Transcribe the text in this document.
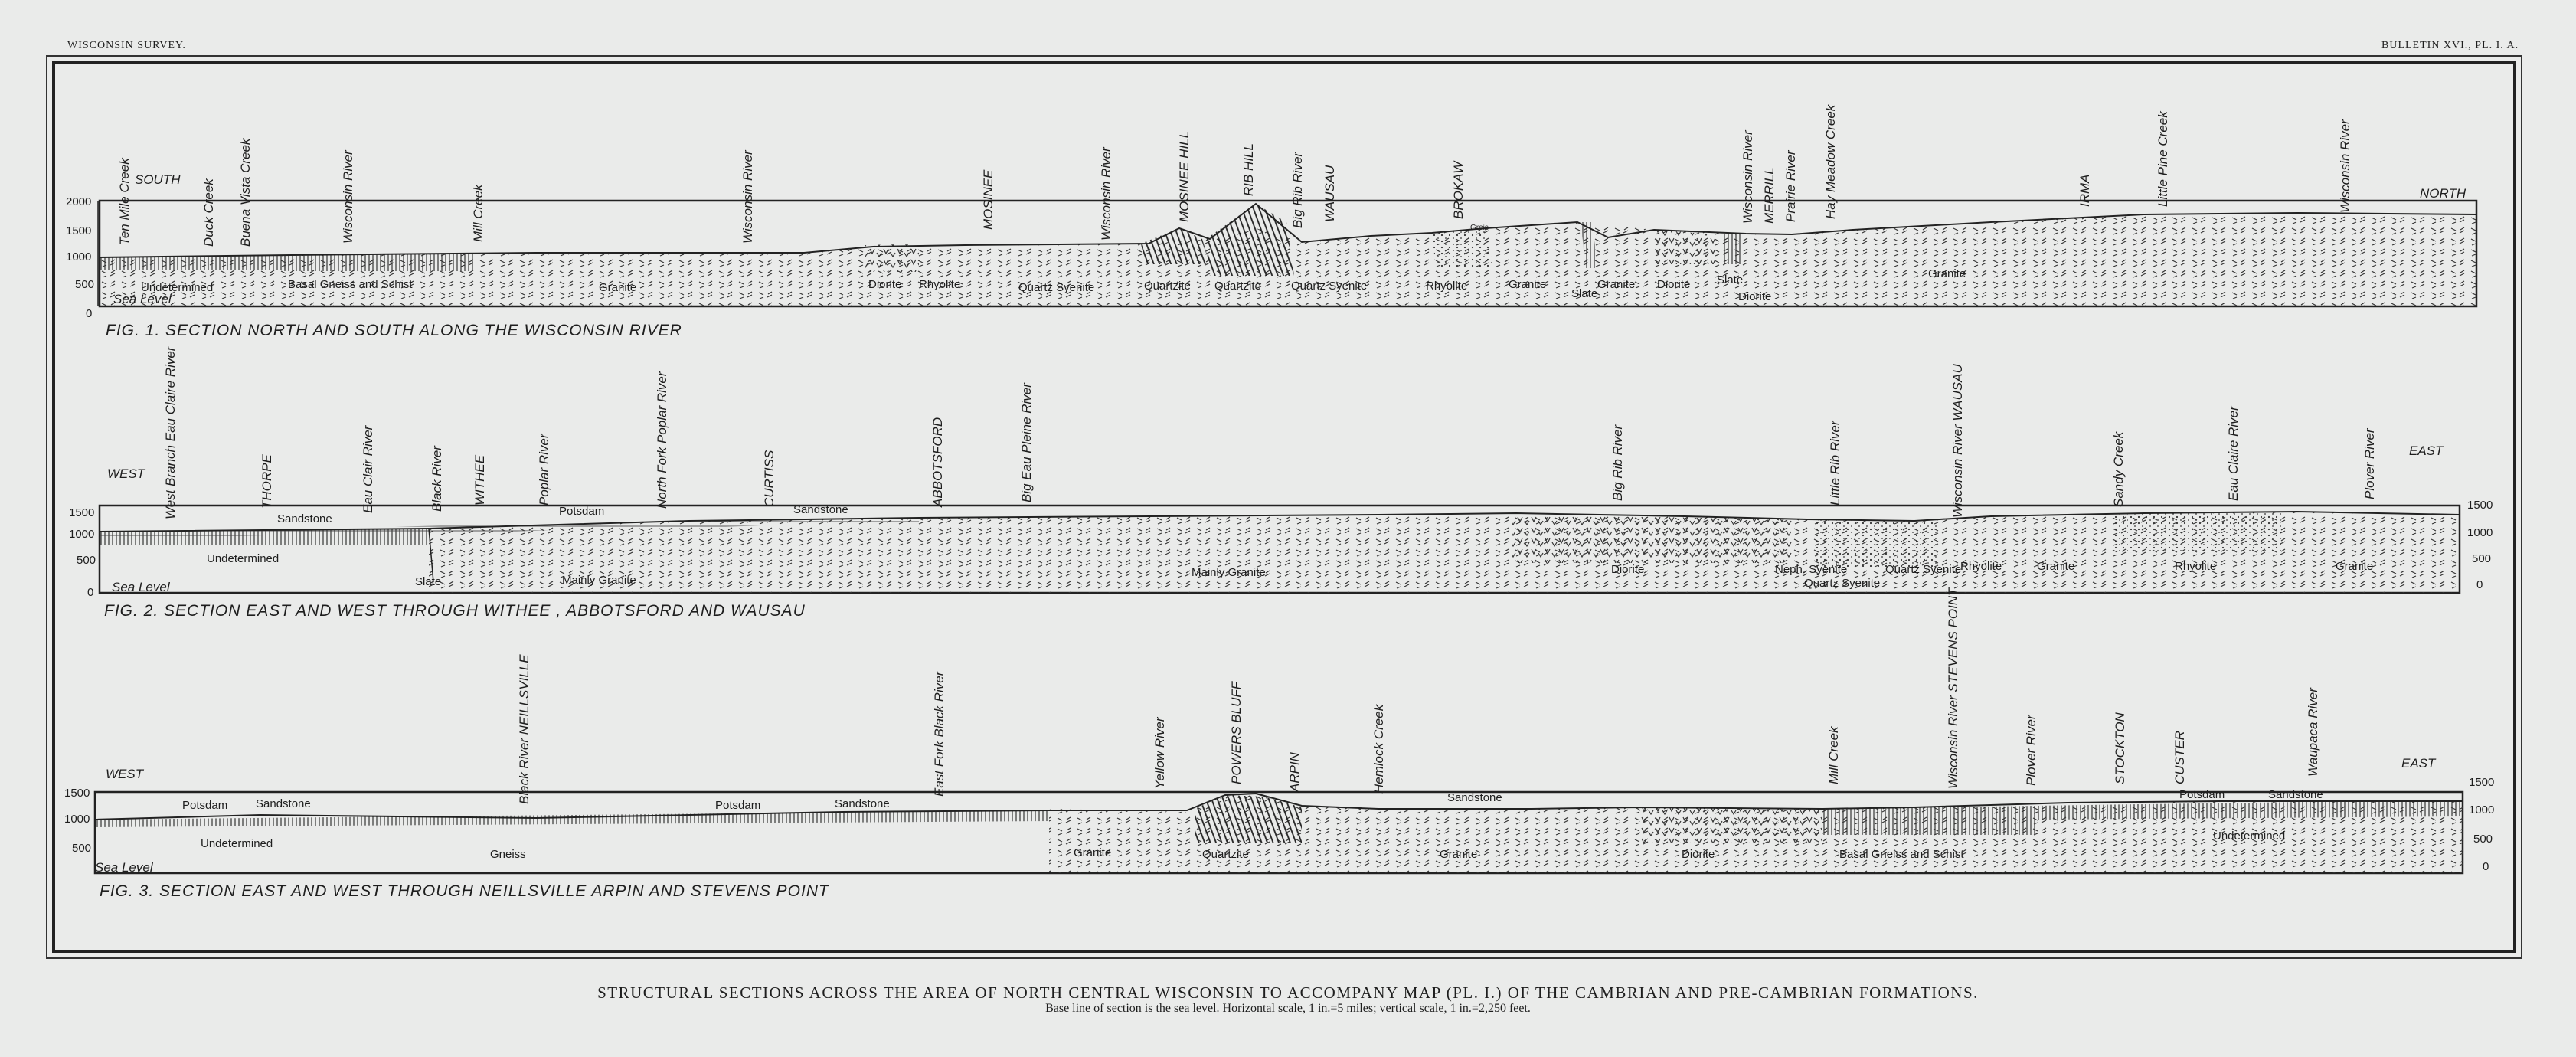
WISCONSIN SURVEY.	BULLETIN XVI., PL. I. A.
2000
1500
1000
500
0
SOUTH
NORTH
Sea Level
FIG. 1. SECTION NORTH AND SOUTH ALONG THE WISCONSIN RIVER
Ten Mile Creek	Duck Creek Buena Vista Creek	Wisconsin River	Mill Creek	Wisconsin River	MOSINEE	Wisconsin River	MOSINEE HILL	RIB HILL	Big Rib River WAUSAU	BROKAW	Wisconsin River MERRILL Prairie River Hay Meadow Creek	IRMA	Little Pine Creek	Wisconsin River
Undetermined	Basal Gneiss and Schist	Granite	Diorite Rhyolite	Quartz Syenite	Quartzite Quartzite	Quartz Syenite	Rhyolite	Granite
Slate
Granite Diorite Slate
Diorite
Granite
Greis
1500
1000
500
0
1500
1000
500
0
WEST
EAST
Sea Level
FIG. 2. SECTION EAST AND WEST THROUGH WITHEE , ABBOTSFORD AND WAUSAU
West Branch Eau Claire River	THORPE	Eau Clair River	Black River WITHEE	Poplar River	North Fork Poplar River	CURTISS	ABBOTSFORD	Big Eau Pleine River	Big Rib River	Little Rib River	Wisconsin River WAUSAU	Sandy Creek	Eau Claire River	Plover River
Sandstone
Undetermined
Potsdam	Sandstone
Slate	Mainly Granite
Mainly Granite	Diorite	Neph. Syenite
Quartz Syenite
Quartz Syenite
Rhyolite	Granite	Rhyolite	Granite
1500
1000
500
1500
1000
500
0
WEST
EAST
Sea Level
FIG. 3. SECTION EAST AND WEST THROUGH NEILLSVILLE ARPIN AND STEVENS POINT
Black River NEILLSVILLE	East Fork Black River	Yellow River	POWERS BLUFF	ARPIN	Hemlock Creek	Mill Creek	Wisconsin River STEVENS POINT	Plover River	STOCKTON	CUSTER	Waupaca River
Potsdam Sandstone
Undetermined
Gneiss
Potsdam	Sandstone
Granite	Quartzite
Sandstone
Granite	Diorite	Basal Gneiss and Schist
Potsdam	Sandstone
Undetermined
STRUCTURAL SECTIONS ACROSS THE AREA OF NORTH CENTRAL WISCONSIN TO ACCOMPANY MAP (PL. I.) OF THE CAMBRIAN AND PRE-CAMBRIAN FORMATIONS.
Base line of section is the sea level. Horizontal scale, 1 in.=5 miles; vertical scale, 1 in.=2,250 feet.
